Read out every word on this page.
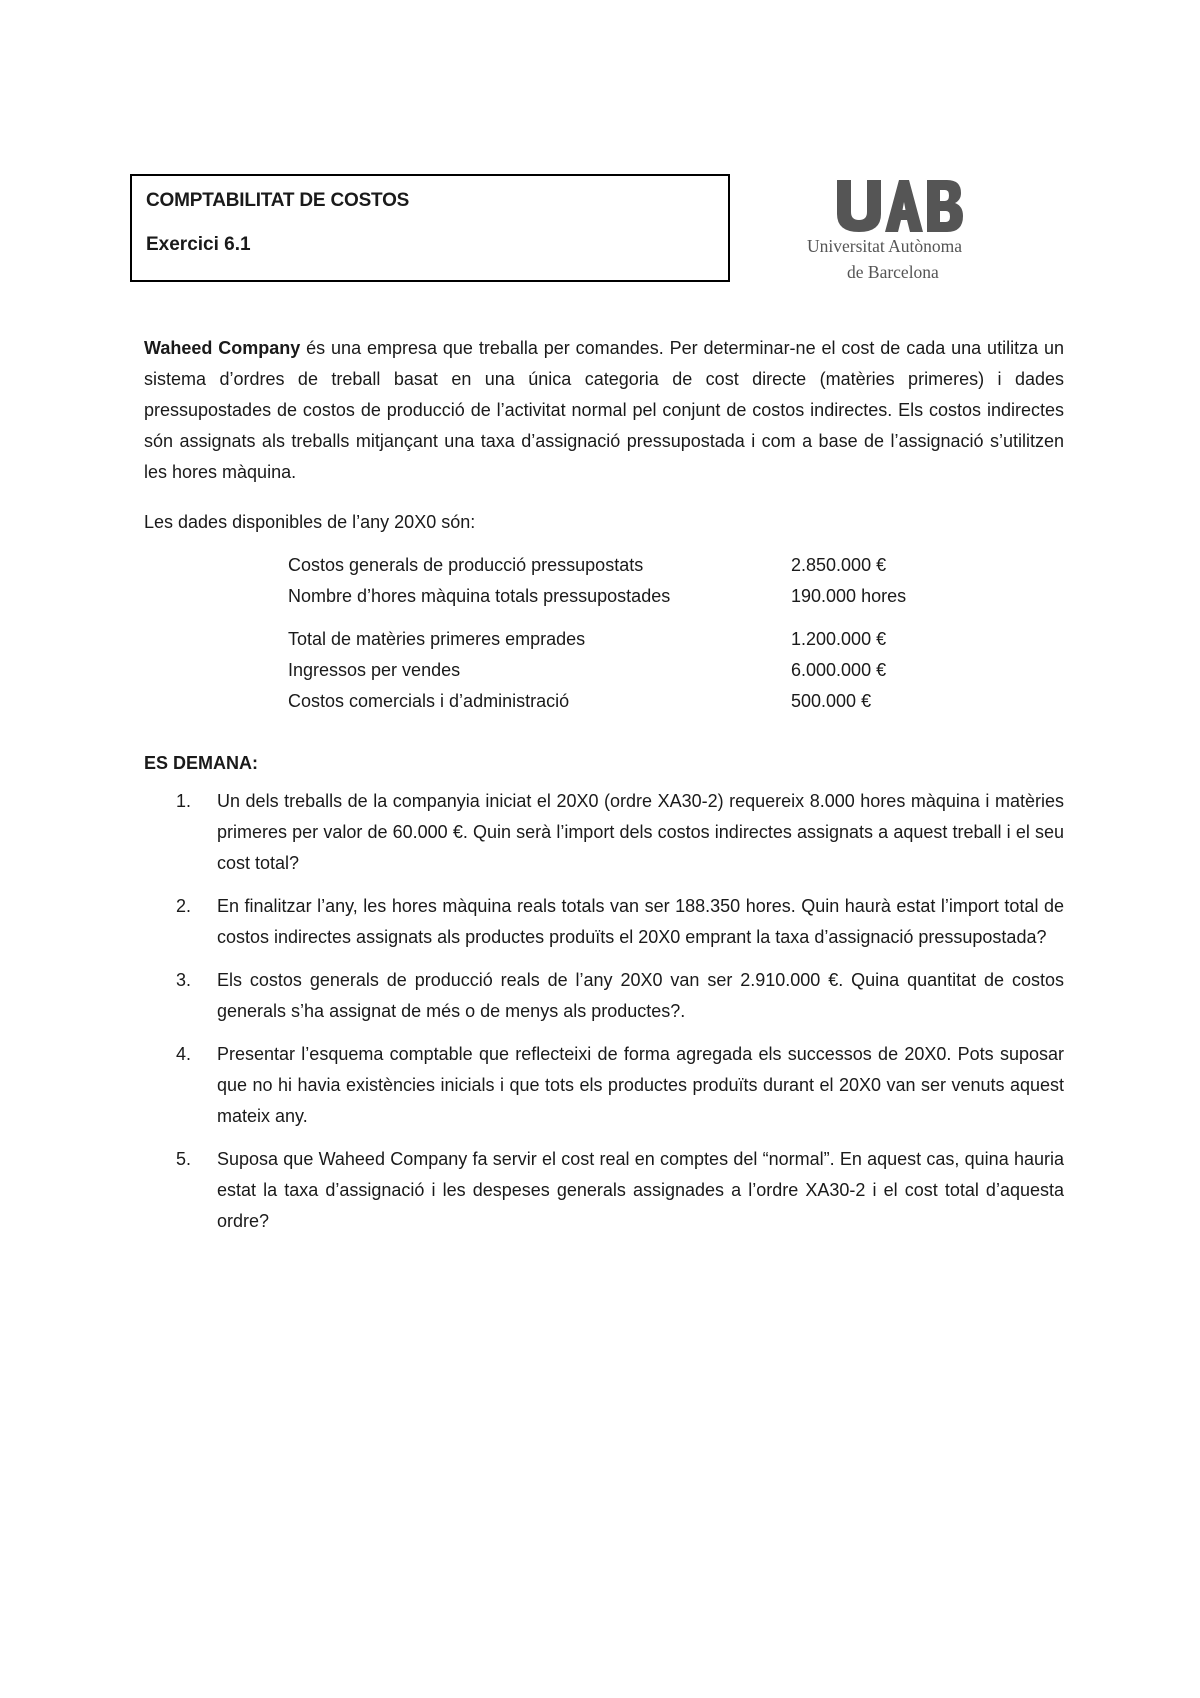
COMPTABILITAT DE COSTOS
Exercici 6.1	Universitat Autònoma
de Barcelona
Waheed Company és una empresa que treballa per comandes. Per determinar-ne el cost de cada una utilitza un sistema d’ordres de treball basat en una única categoria de cost directe (matèries primeres) i dades pressupostades de costos de producció de l’activitat normal pel conjunt de costos indirectes. Els costos indirectes són assignats als treballs mitjançant una taxa d’assignació pressupostada i com a base de l’assignació s’utilitzen les hores màquina.
Les dades disponibles de l’any 20X0 són:
Costos generals de producció pressupostats	2.850.000 €
Nombre d’hores màquina totals pressupostades	190.000 hores
Total de matèries primeres emprades	1.200.000 €
Ingressos per vendes	6.000.000 €
Costos comercials i d’administració	500.000 €
ES DEMANA:
1.	Un dels treballs de la companyia iniciat el 20X0 (ordre XA30-2) requereix 8.000 hores màquina i matèries primeres per valor de 60.000 €. Quin serà l’import dels costos indirectes assignats a aquest treball i el seu cost total?
2.	En finalitzar l’any, les hores màquina reals totals van ser 188.350 hores. Quin haurà estat l’import total de costos indirectes assignats als productes produïts el 20X0 emprant la taxa d’assignació pressupostada?
3.	Els costos generals de producció reals de l’any 20X0 van ser 2.910.000 €. Quina quantitat de costos generals s’ha assignat de més o de menys als productes?.
4.	Presentar l’esquema comptable que reflecteixi de forma agregada els successos de 20X0. Pots suposar que no hi havia existències inicials i que tots els productes produïts durant el 20X0 van ser venuts aquest mateix any.
5.	Suposa que Waheed Company fa servir el cost real en comptes del “normal”. En aquest cas, quina hauria estat la taxa d’assignació i les despeses generals assignades a l’ordre XA30-2 i el cost total d’aquesta ordre?
